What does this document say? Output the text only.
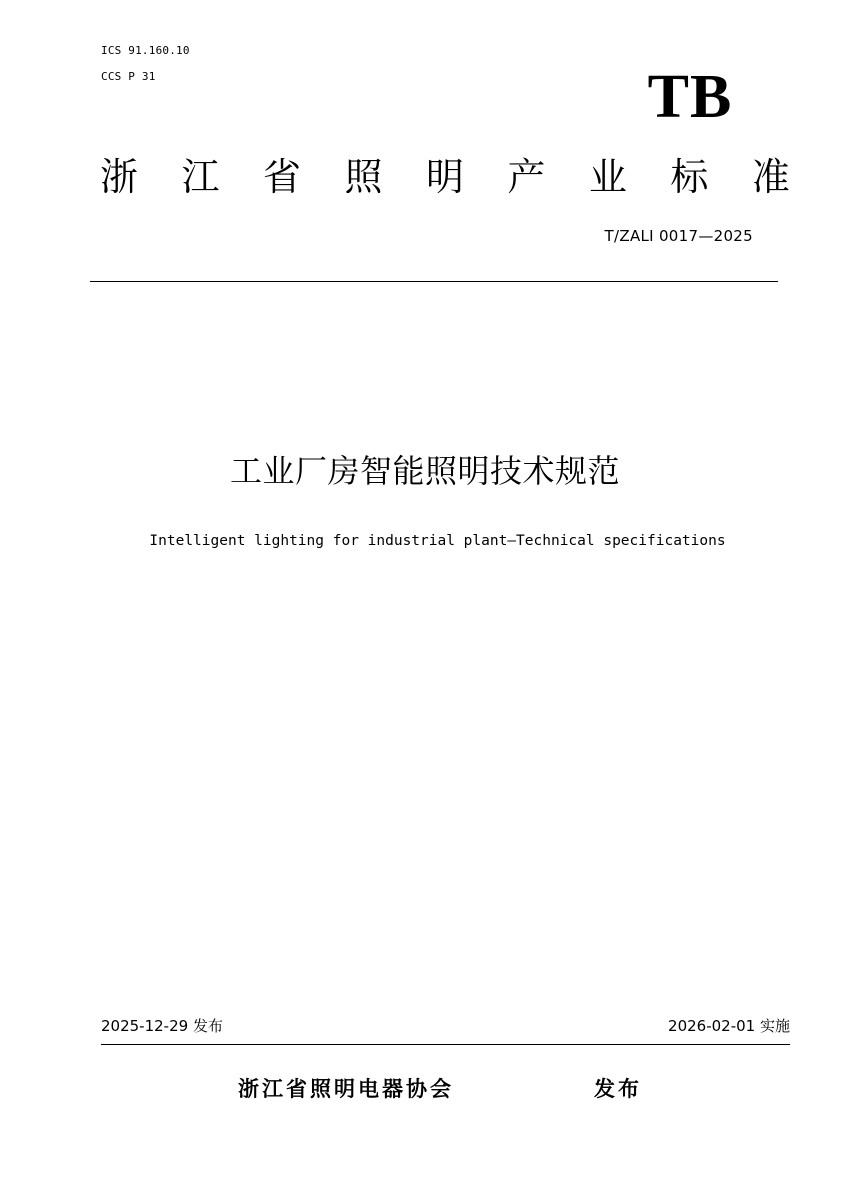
ICS 91.160.10
CCS P 31	TB
浙 江 省 照 明 产 业 标 准
T/ZALI 0017—2025
工业厂房智能照明技术规范
Intelligent lighting for industrial plant–Technical specifications
2025-12-29 发布	2026-02-01 实施
浙江省照明电器协会	发布
